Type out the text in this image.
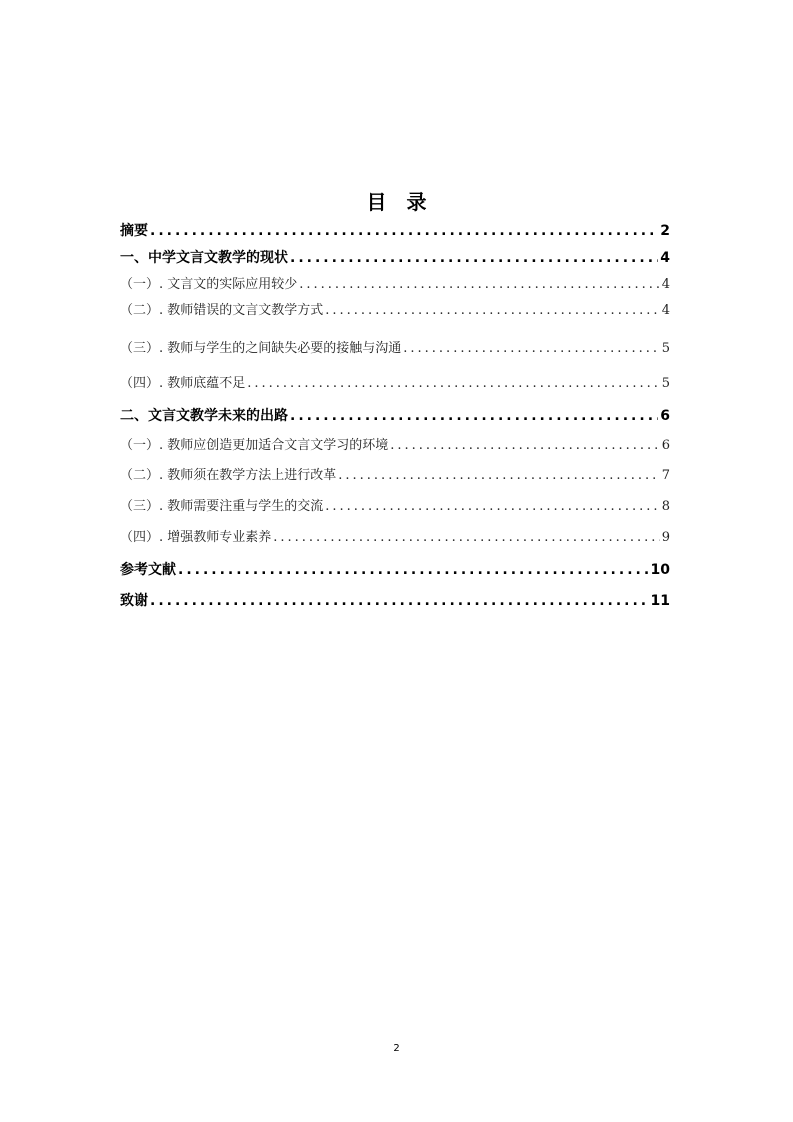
目　录
摘要 .....	2
一、中学文言文教学的现状 .....	4
（一）. 文言文的实际应用较少 .....	4
（二）. 教师错误的文言文教学方式 .....	4
（三）. 教师与学生的之间缺失必要的接触与沟通 .....	5
（四）. 教师底蕴不足 .....	5
二、文言文教学未来的出路 .....	6
（一）. 教师应创造更加适合文言文学习的环境 .....	6
（二）. 教师须在教学方法上进行改革 .....	7
（三）. 教师需要注重与学生的交流 .....	8
（四）. 增强教师专业素养 .....	9
参考文献 .....	10
致谢 .....	11
2
